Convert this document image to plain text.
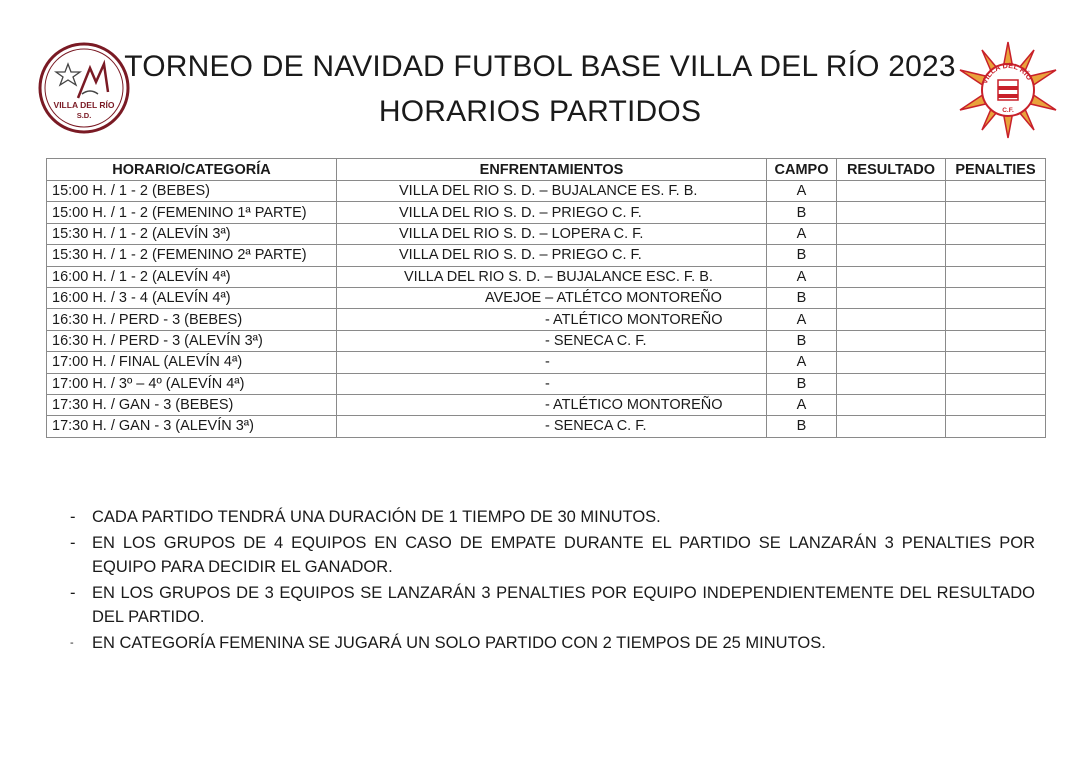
VILLA DEL RÍO
S.D.
VILLA DEL RÍO
C.F.
TORNEO DE NAVIDAD FUTBOL BASE VILLA DEL RÍO 2023
HORARIOS PARTIDOS
HORARIO/CATEGORÍA	ENFRENTAMIENTOS	CAMPO	RESULTADO	PENALTIES
15:00 H. / 1 - 2 (BEBES)	VILLA DEL RIO S. D. – BUJALANCE ES. F. B.	A		
15:00 H. / 1 - 2 (FEMENINO 1ª PARTE)	VILLA DEL RIO S. D. – PRIEGO C. F.	B		
15:30 H. / 1 - 2 (ALEVÍN 3ª)	VILLA DEL RIO S. D. – LOPERA C. F.	A		
15:30 H. / 1 - 2 (FEMENINO 2ª PARTE)	VILLA DEL RIO S. D. – PRIEGO C. F.	B		
16:00 H. / 1 - 2 (ALEVÍN 4ª)	VILLA DEL RIO S. D. – BUJALANCE ESC. F. B.	A		
16:00 H. / 3 - 4 (ALEVÍN 4ª)	AVEJOE – ATLÉTCO MONTOREÑO	B		
16:30 H. / PERD - 3 (BEBES)	- ATLÉTICO MONTOREÑO	A		
16:30 H. / PERD - 3 (ALEVÍN 3ª)	- SENECA C. F.	B		
17:00 H. / FINAL (ALEVÍN 4ª)	-	A		
17:00 H. / 3º – 4º (ALEVÍN 4ª)	-	B		
17:30 H. / GAN - 3 (BEBES)	- ATLÉTICO MONTOREÑO	A		
17:30 H. / GAN - 3 (ALEVÍN 3ª)	- SENECA C. F.	B		
- CADA PARTIDO TENDRÁ UNA DURACIÓN DE 1 TIEMPO DE 30 MINUTOS.
- EN LOS GRUPOS DE 4 EQUIPOS EN CASO DE EMPATE DURANTE EL PARTIDO SE LANZARÁN 3 PENALTIES POR EQUIPO PARA DECIDIR EL GANADOR.
- EN LOS GRUPOS DE 3 EQUIPOS SE LANZARÁN 3 PENALTIES POR EQUIPO INDEPENDIENTEMENTE DEL RESULTADO DEL PARTIDO.
- EN CATEGORÍA FEMENINA SE JUGARÁ UN SOLO PARTIDO CON 2 TIEMPOS DE 25 MINUTOS.
